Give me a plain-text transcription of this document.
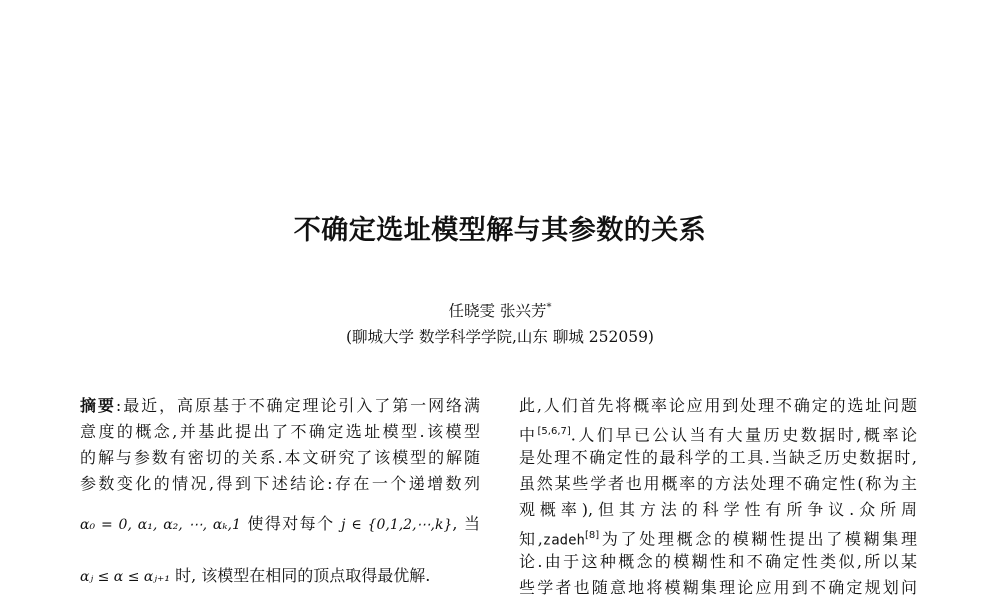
不确定选址模型解与其参数的关系
任晓雯 张兴芳*
(聊城大学 数学科学学院,山东 聊城 252059)
摘要:最近，高原基于不确定理论引入了第一网络满
意度的概念,并基此提出了不确定选址模型.该模型
的解与参数有密切的关系.本文研究了该模型的解随
参数变化的情况,得到下述结论:存在一个递增数列
α₀ = 0, α₁, α₂, ⋯, αₖ,1 使得对每个 j ∈ {0,1,2,⋯,k}, 当
αⱼ ≤ α ≤ αⱼ₊₁ 时, 该模型在相同的顶点取得最优解.
此,人们首先将概率论应用到处理不确定的选址问题
中[5,6,7].人们早已公认当有大量历史数据时,概率论
是处理不确定性的最科学的工具.当缺乏历史数据时,
虽然某些学者也用概率的方法处理不确定性(称为主
观概率),但其方法的科学性有所争议.众所周
知,zadeh[8]为了处理概念的模糊性提出了模糊集理
论.由于这种概念的模糊性和不确定性类似,所以某
些学者也随意地将模糊集理论应用到不确定规划问
